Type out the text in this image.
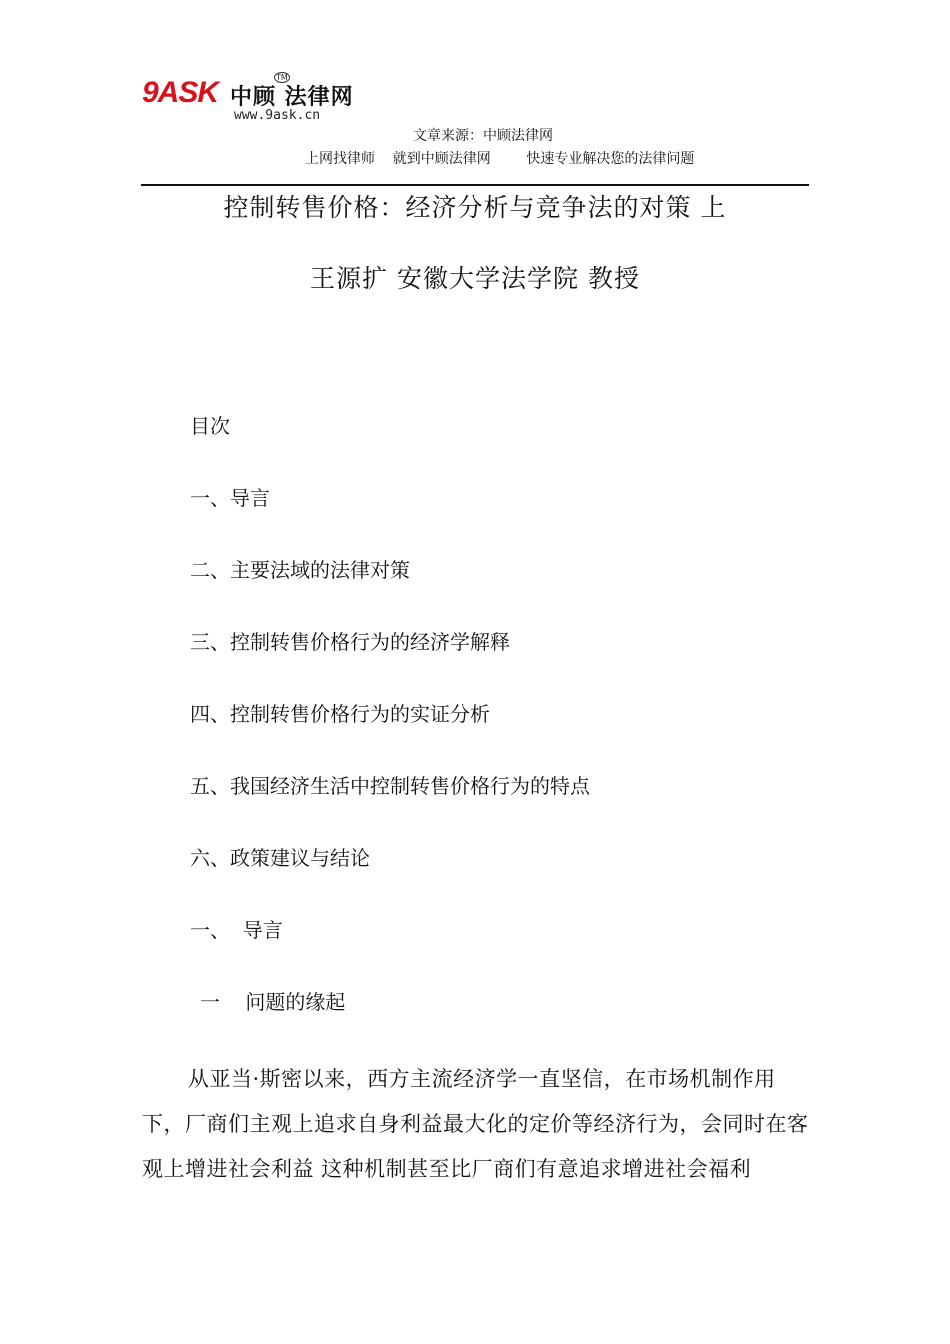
9ASK 中顾 法律网
TM
www.9ask.cn
文章来源：中顾法律网
上网找律师    就到中顾法律网        快速专业解决您的法律问题
控制转售价格：经济分析与竞争法的对策 上
王源扩 安徽大学法学院 教授
目次
一、导言
二、主要法域的法律对策
三、控制转售价格行为的经济学解释
四、控制转售价格行为的实证分析
五、我国经济生活中控制转售价格行为的特点
六、政策建议与结论
一、  导言
一    问题的缘起
从亚当·斯密以来，西方主流经济学一直坚信，在市场机制作用下，厂商们主观上追求自身利益最大化的定价等经济行为，会同时在客观上增进社会利益 这种机制甚至比厂商们有意追求增进社会福利
